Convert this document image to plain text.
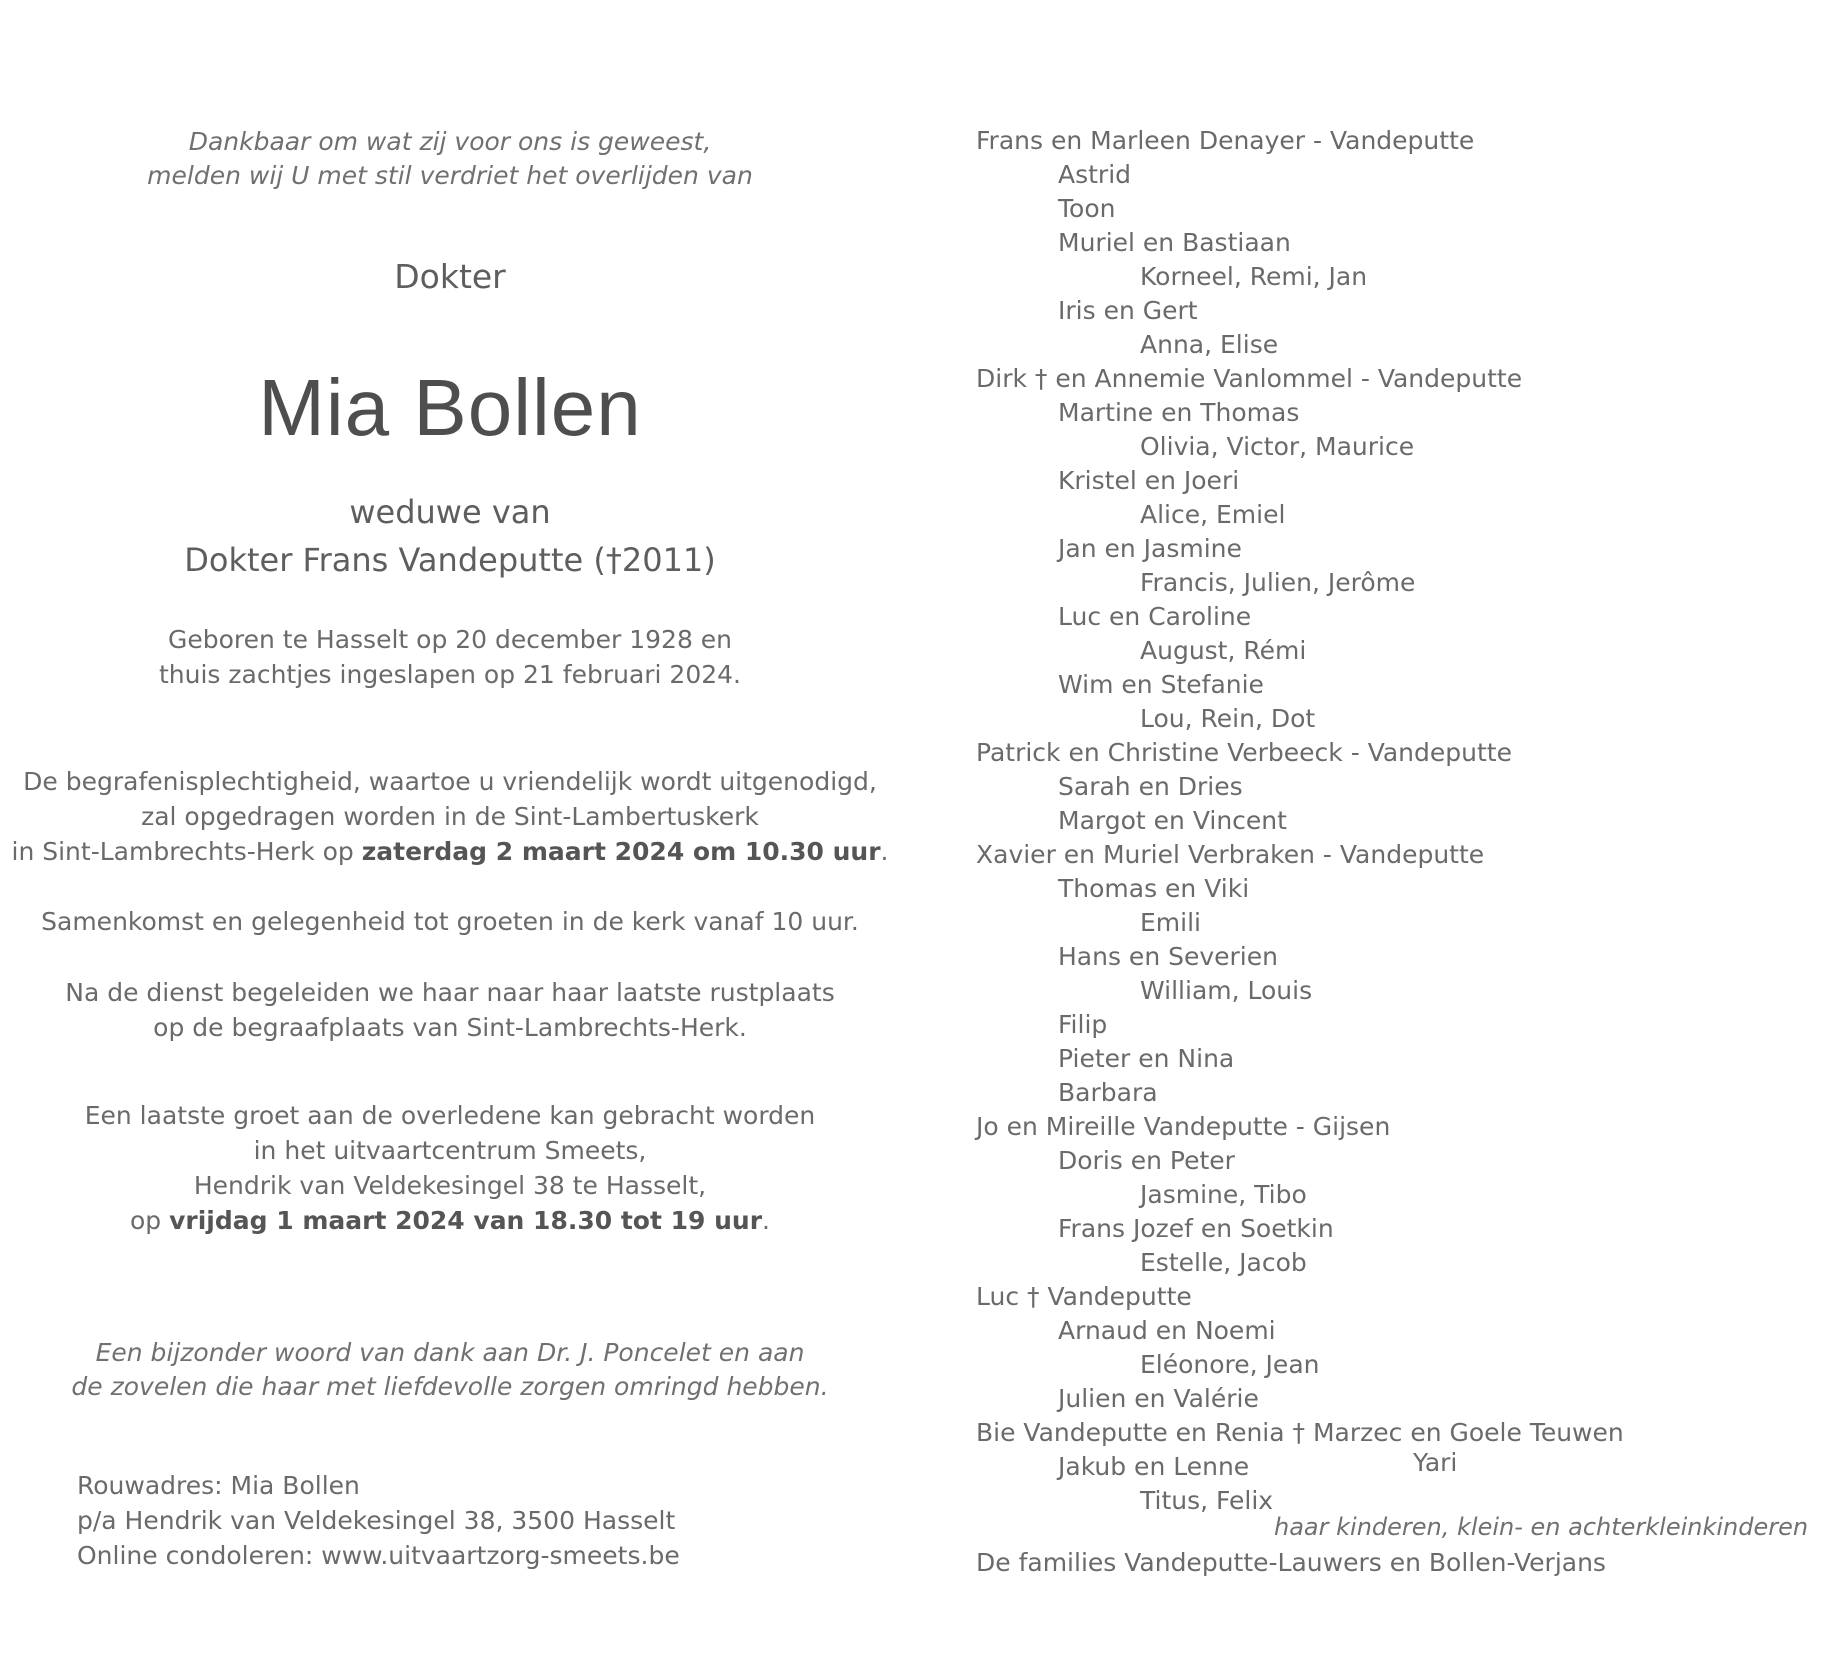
Dankbaar om wat zij voor ons is geweest,
melden wij U met stil verdriet het overlijden van
Dokter
Mia Bollen
weduwe van
Dokter Frans Vandeputte (†2011)
Geboren te Hasselt op 20 december 1928 en
thuis zachtjes ingeslapen op 21 februari 2024.
De begrafenisplechtigheid, waartoe u vriendelijk wordt uitgenodigd,
zal opgedragen worden in de Sint-Lambertuskerk
in Sint-Lambrechts-Herk op zaterdag 2 maart 2024 om 10.30 uur.
Samenkomst en gelegenheid tot groeten in de kerk vanaf 10 uur.
Na de dienst begeleiden we haar naar haar laatste rustplaats
op de begraafplaats van Sint-Lambrechts-Herk.
Een laatste groet aan de overledene kan gebracht worden
in het uitvaartcentrum Smeets,
Hendrik van Veldekesingel 38 te Hasselt,
op vrijdag 1 maart 2024 van 18.30 tot 19 uur.
Een bijzonder woord van dank aan Dr. J. Poncelet en aan
de zovelen die haar met liefdevolle zorgen omringd hebben.
Rouwadres: Mia Bollen
p/a Hendrik van Veldekesingel 38, 3500 Hasselt
Online condoleren: www.uitvaartzorg-smeets.be
Frans en Marleen Denayer - Vandeputte
Astrid
Toon
Muriel en Bastiaan
Korneel, Remi, Jan
Iris en Gert
Anna, Elise
Dirk † en Annemie Vanlommel - Vandeputte
Martine en Thomas
Olivia, Victor, Maurice
Kristel en Joeri
Alice, Emiel
Jan en Jasmine
Francis, Julien, Jerôme
Luc en Caroline
August, Rémi
Wim en Stefanie
Lou, Rein, Dot
Patrick en Christine Verbeeck - Vandeputte
Sarah en Dries
Margot en Vincent
Xavier en Muriel Verbraken - Vandeputte
Thomas en Viki
Emili
Hans en Severien
William, Louis
Filip
Pieter en Nina
Barbara
Jo en Mireille Vandeputte - Gijsen
Doris en Peter
Jasmine, Tibo
Frans Jozef en Soetkin
Estelle, Jacob
Luc † Vandeputte
Arnaud en Noemi
Eléonore, Jean
Julien en Valérie
Bie Vandeputte en Renia † Marzec en Goele Teuwen
Jakub en Lenne
Titus, Felix
Yari
haar kinderen, klein- en achterkleinkinderen
De families Vandeputte-Lauwers en Bollen-Verjans
